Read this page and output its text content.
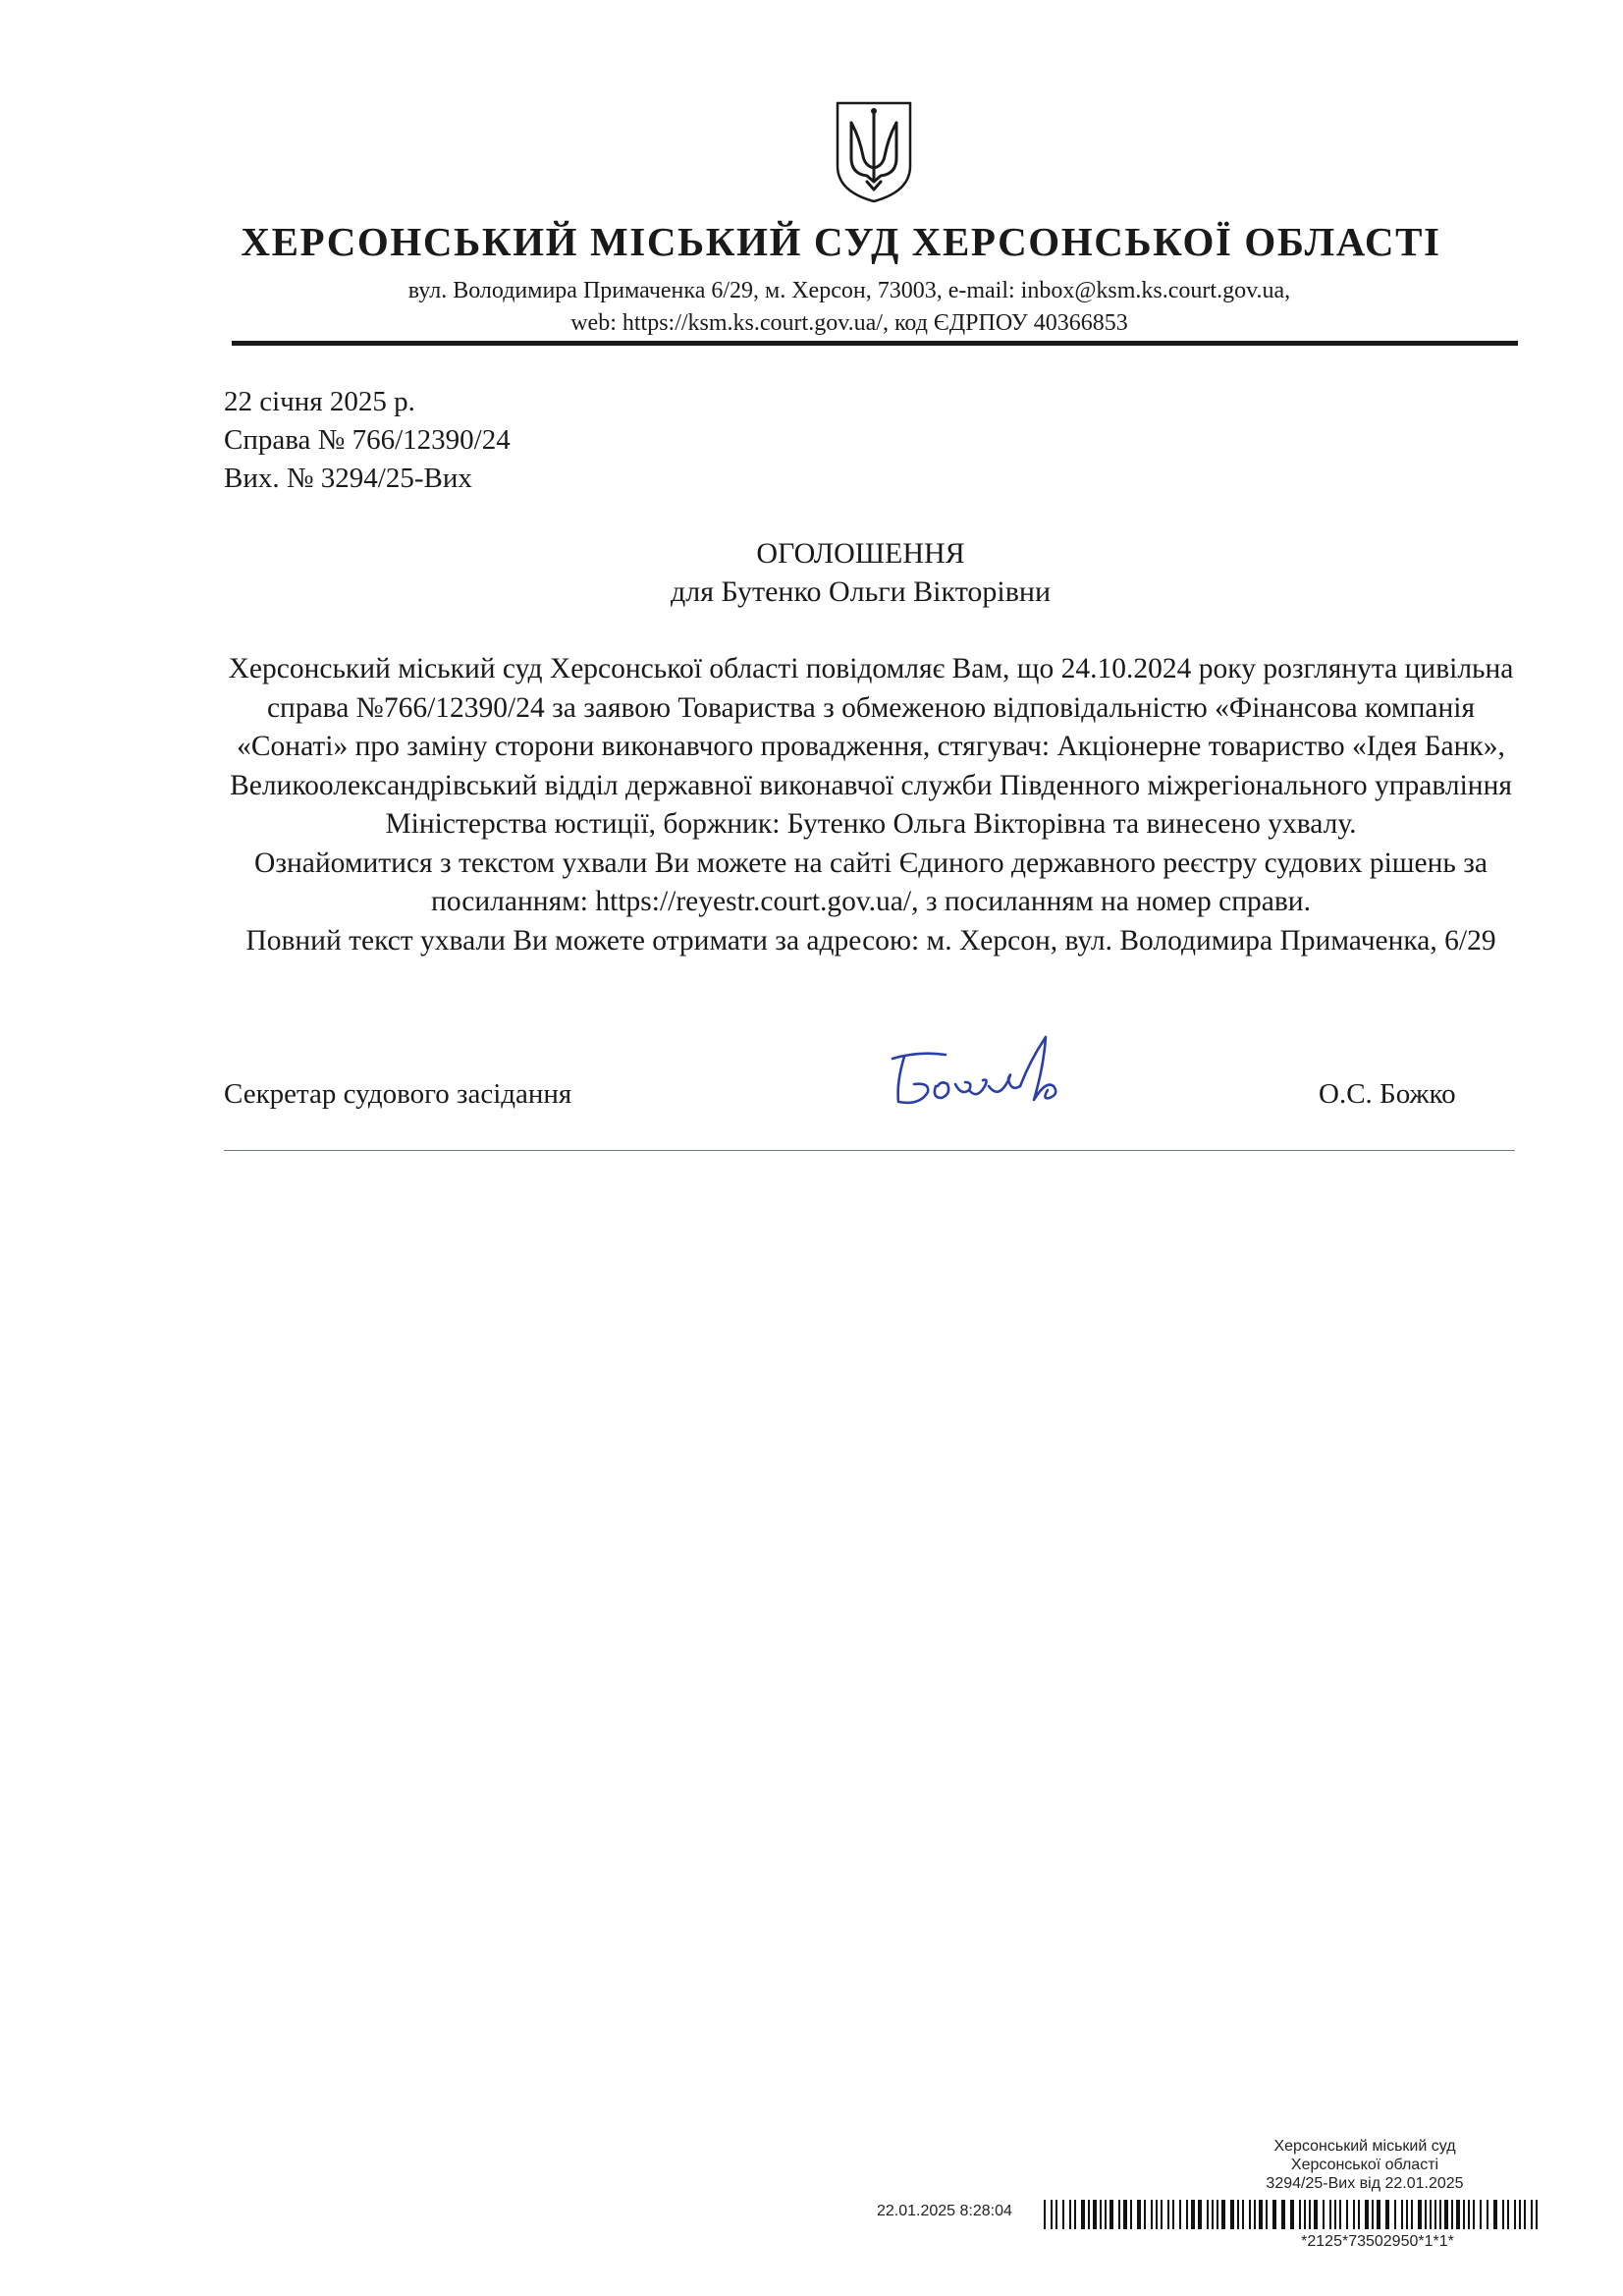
ХЕРСОНСЬКИЙ МІСЬКИЙ СУД ХЕРСОНСЬКОЇ ОБЛАСТІ
вул. Володимира Примаченка 6/29, м. Херсон, 73003, e-mail: inbox@ksm.ks.court.gov.ua,
web: https://ksm.ks.court.gov.ua/, код ЄДРПОУ 40366853
22 січня 2025 р.
Справа № 766/12390/24
Вих. № 3294/25-Вих
ОГОЛОШЕННЯ
для Бутенко Ольги Вікторівни

Херсонський міський суд Херсонської області повідомляє Вам, що 24.10.2024 року розглянута цивільна справа №766/12390/24 за заявою Товариства з обмеженою відповідальністю «Фінансова компанія «Сонаті» про заміну сторони виконавчого провадження, стягувач: Акціонерне товариство «Ідея Банк», Великоолександрівський відділ державної виконавчої служби Південного міжрегіонального управління Міністерства юстиції, боржник: Бутенко Ольга Вікторівна та винесено ухвалу.

Ознайомитися з текстом ухвали Ви можете на сайті Єдиного державного реєстру судових рішень за посиланням: https://reyestr.court.gov.ua/, з посиланням на номер справи.

Повний текст ухвали Ви можете отримати за адресою: м. Херсон, вул. Володимира Примаченка, 6/29

Секретар судового засідання	О.С. Божко
Херсонський міський суд
Херсонської області
3294/25-Вих від 22.01.2025
22.01.2025 8:28:04
*2125*73502950*1*1*
